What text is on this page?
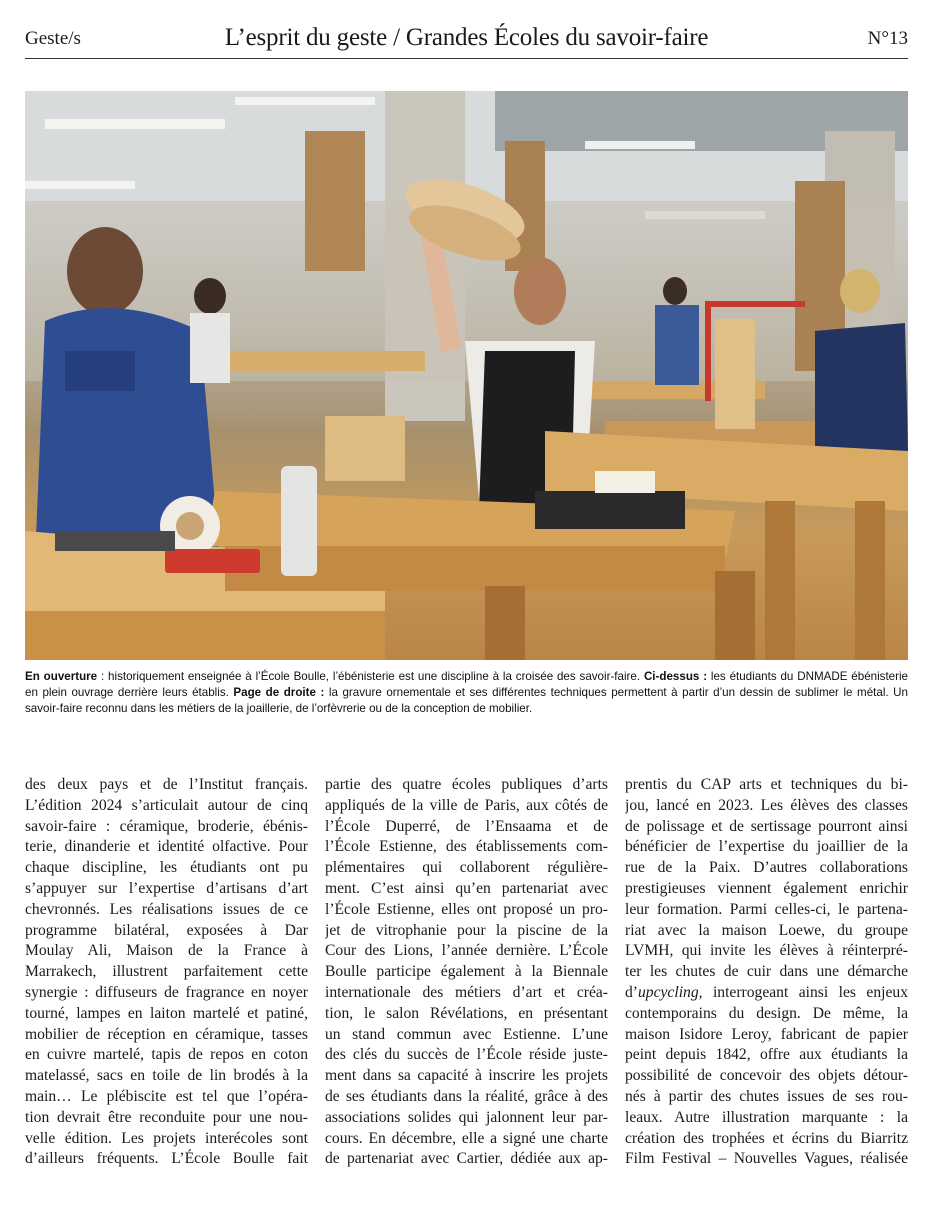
Geste/s	L’esprit du geste / Grandes Écoles du savoir-faire	N°13
En ouverture : historiquement enseignée à l’École Boulle, l’ébénisterie est une discipline à la croisée des savoir-faire. Ci-dessus : les étudiants du DNMADE ébénisterie en plein ouvrage derrière leurs établis. Page de droite : la gravure ornementale et ses différentes techniques permettent à partir d’un dessin de sublimer le métal. Un savoir-faire reconnu dans les métiers de la joaillerie, de l’orfèvrerie ou de la conception de mobilier.
des deux pays et de l’Institut français.
L’édition 2024 s’articulait autour de cinq
savoir-faire : céramique, broderie, ébénis-
terie, dinanderie et identité olfactive. Pour
chaque discipline, les étudiants ont pu
s’appuyer sur l’expertise d’artisans d’art
chevronnés. Les réalisations issues de ce
programme bilatéral, exposées à Dar
Moulay Ali, Maison de la France à
Marrakech, illustrent parfaitement cette
synergie : diffuseurs de fragrance en noyer
tourné, lampes en laiton martelé et patiné,
mobilier de réception en céramique, tasses
en cuivre martelé, tapis de repos en coton
matelassé, sacs en toile de lin brodés à la
main… Le plébiscite est tel que l’opéra-
tion devrait être reconduite pour une nou-
velle édition. Les projets interécoles sont
d’ailleurs fréquents. L’École Boulle fait
partie des quatre écoles publiques d’arts
appliqués de la ville de Paris, aux côtés de
l’École Duperré, de l’Ensaama et de
l’École Estienne, des établissements com-
plémentaires qui collaborent régulière-
ment. C’est ainsi qu’en partenariat avec
l’École Estienne, elles ont proposé un pro-
jet de vitrophanie pour la piscine de la
Cour des Lions, l’année dernière. L’École
Boulle participe également à la Biennale
internationale des métiers d’art et créa-
tion, le salon Révélations, en présentant
un stand commun avec Estienne. L’une
des clés du succès de l’École réside juste-
ment dans sa capacité à inscrire les projets
de ses étudiants dans la réalité, grâce à des
associations solides qui jalonnent leur par-
cours. En décembre, elle a signé une charte
de partenariat avec Cartier, dédiée aux ap-
prentis du CAP arts et techniques du bi-
jou, lancé en 2023. Les élèves des classes
de polissage et de sertissage pourront ainsi
bénéficier de l’expertise du joaillier de la
rue de la Paix. D’autres collaborations
prestigieuses viennent également enrichir
leur formation. Parmi celles-ci, le partena-
riat avec la maison Loewe, du groupe
LVMH, qui invite les élèves à réinterpré-
ter les chutes de cuir dans une démarche
d’upcycling, interrogeant ainsi les enjeux
contemporains du design. De même, la
maison Isidore Leroy, fabricant de papier
peint depuis 1842, offre aux étudiants la
possibilité de concevoir des objets détour-
nés à partir des chutes issues de ses rou-
leaux. Autre illustration marquante : la
création des trophées et écrins du Biarritz
Film Festival – Nouvelles Vagues, réalisée
